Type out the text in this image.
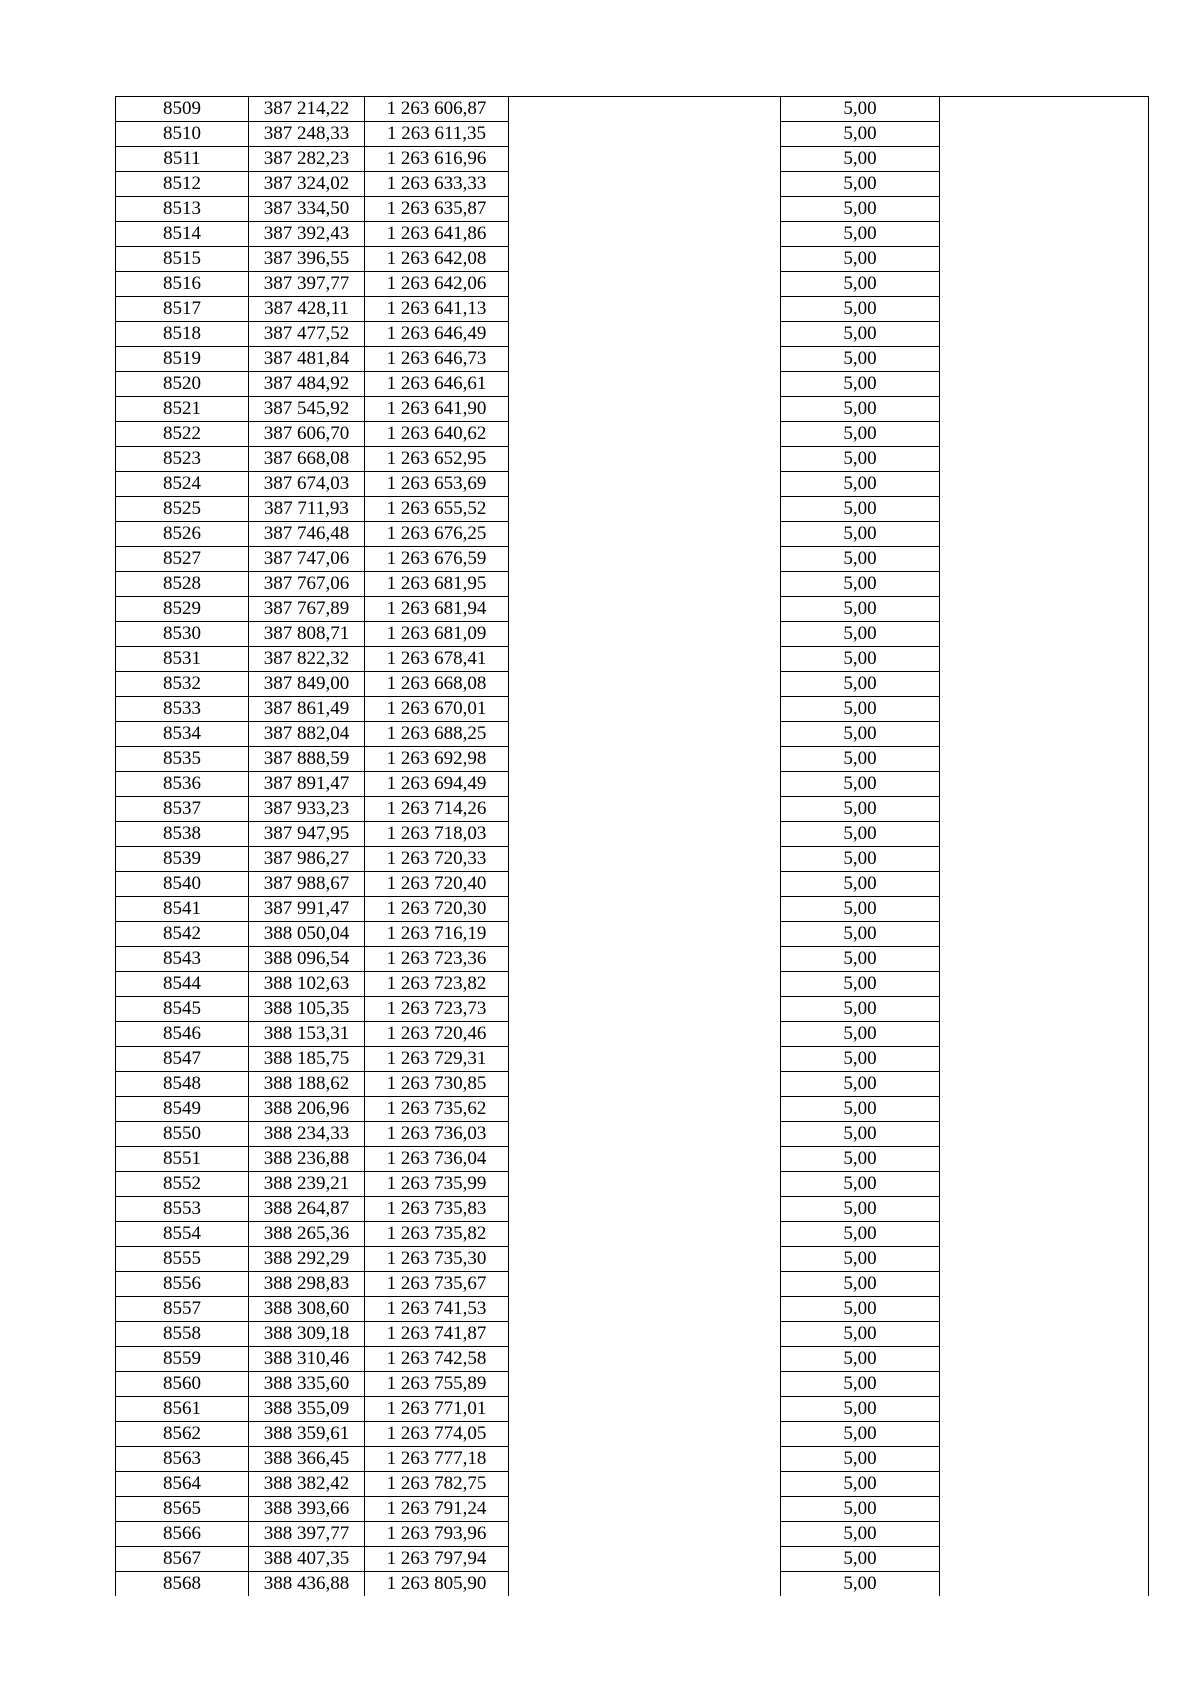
8509	387 214,22	1 263 606,87		5,00	
8510	387 248,33	1 263 611,35		5,00	
8511	387 282,23	1 263 616,96		5,00	
8512	387 324,02	1 263 633,33		5,00	
8513	387 334,50	1 263 635,87		5,00	
8514	387 392,43	1 263 641,86		5,00	
8515	387 396,55	1 263 642,08		5,00	
8516	387 397,77	1 263 642,06		5,00	
8517	387 428,11	1 263 641,13		5,00	
8518	387 477,52	1 263 646,49		5,00	
8519	387 481,84	1 263 646,73		5,00	
8520	387 484,92	1 263 646,61		5,00	
8521	387 545,92	1 263 641,90		5,00	
8522	387 606,70	1 263 640,62		5,00	
8523	387 668,08	1 263 652,95		5,00	
8524	387 674,03	1 263 653,69		5,00	
8525	387 711,93	1 263 655,52		5,00	
8526	387 746,48	1 263 676,25		5,00	
8527	387 747,06	1 263 676,59		5,00	
8528	387 767,06	1 263 681,95		5,00	
8529	387 767,89	1 263 681,94		5,00	
8530	387 808,71	1 263 681,09		5,00	
8531	387 822,32	1 263 678,41		5,00	
8532	387 849,00	1 263 668,08		5,00	
8533	387 861,49	1 263 670,01		5,00	
8534	387 882,04	1 263 688,25		5,00	
8535	387 888,59	1 263 692,98		5,00	
8536	387 891,47	1 263 694,49		5,00	
8537	387 933,23	1 263 714,26		5,00	
8538	387 947,95	1 263 718,03		5,00	
8539	387 986,27	1 263 720,33		5,00	
8540	387 988,67	1 263 720,40		5,00	
8541	387 991,47	1 263 720,30		5,00	
8542	388 050,04	1 263 716,19		5,00	
8543	388 096,54	1 263 723,36		5,00	
8544	388 102,63	1 263 723,82		5,00	
8545	388 105,35	1 263 723,73		5,00	
8546	388 153,31	1 263 720,46		5,00	
8547	388 185,75	1 263 729,31		5,00	
8548	388 188,62	1 263 730,85		5,00	
8549	388 206,96	1 263 735,62		5,00	
8550	388 234,33	1 263 736,03		5,00	
8551	388 236,88	1 263 736,04		5,00	
8552	388 239,21	1 263 735,99		5,00	
8553	388 264,87	1 263 735,83		5,00	
8554	388 265,36	1 263 735,82		5,00	
8555	388 292,29	1 263 735,30		5,00	
8556	388 298,83	1 263 735,67		5,00	
8557	388 308,60	1 263 741,53		5,00	
8558	388 309,18	1 263 741,87		5,00	
8559	388 310,46	1 263 742,58		5,00	
8560	388 335,60	1 263 755,89		5,00	
8561	388 355,09	1 263 771,01		5,00	
8562	388 359,61	1 263 774,05		5,00	
8563	388 366,45	1 263 777,18		5,00	
8564	388 382,42	1 263 782,75		5,00	
8565	388 393,66	1 263 791,24		5,00	
8566	388 397,77	1 263 793,96		5,00	
8567	388 407,35	1 263 797,94		5,00	
8568	388 436,88	1 263 805,90		5,00	
